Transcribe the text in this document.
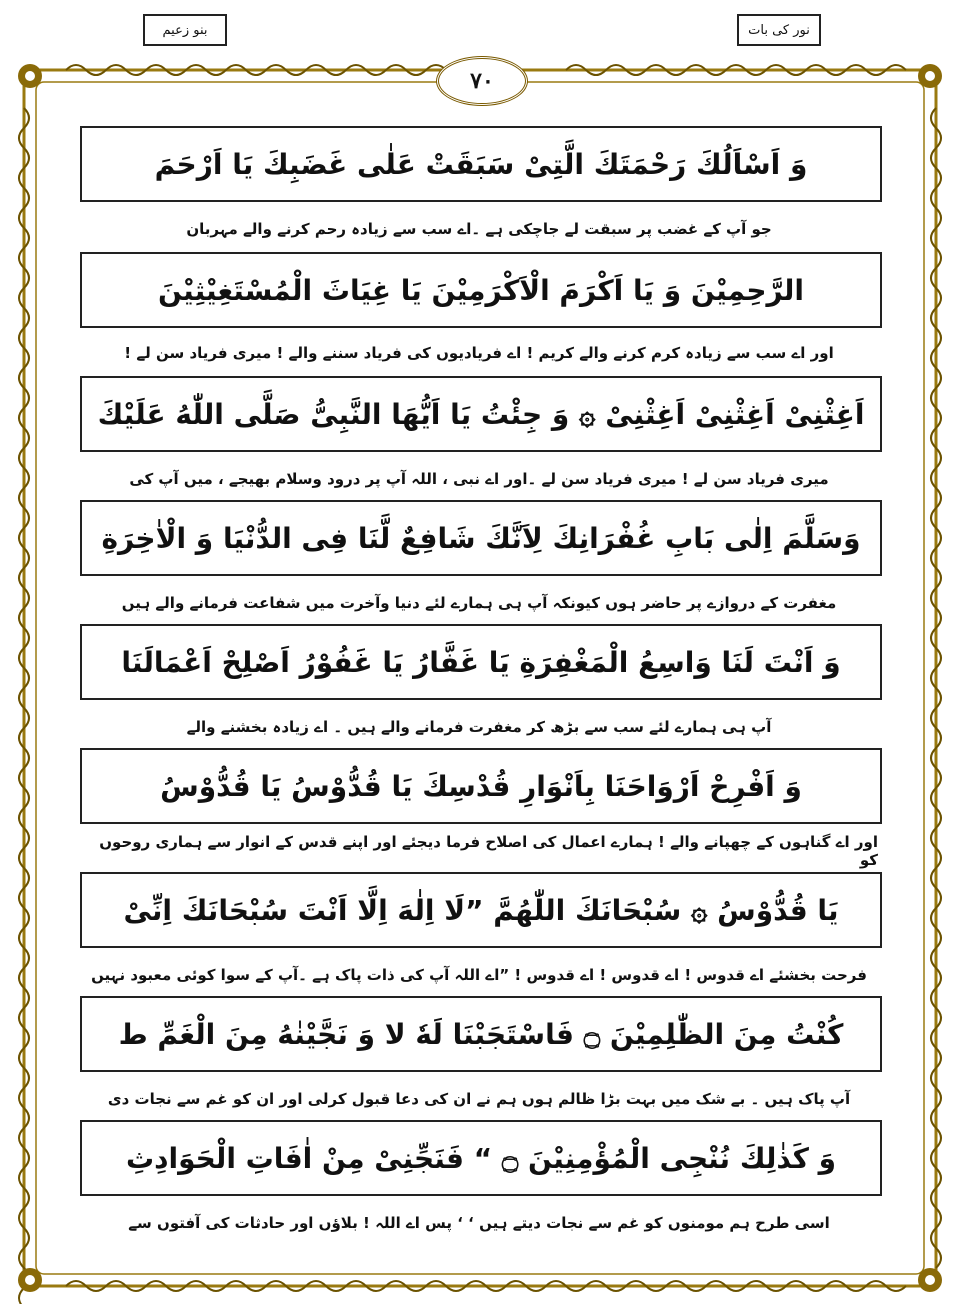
بنو زعیم	نور کی بات
٧٠
وَ اَسْاَلُكَ رَحْمَتَكَ الَّتِیْ سَبَقَتْ عَلٰی غَضَبِكَ یَا اَرْحَمَ
جو آپ کے غضب پر سبقت لے جاچکی ہے ۔اے سب سے زیادہ رحم کرنے والے مہربان
الرَّحِمِیْنَ وَ یَا اَكْرَمَ الْاَكْرَمِیْنَ یَا غِیَاثَ الْمُسْتَغِیْثِیْنَ
اور اے سب سے زیادہ کرم کرنے والے کریم ! اے فریادیوں کی فریاد سننے والے ! میری فریاد سن لے !
اَغِثْنِیْ اَغِثْنِیْ اَغِثْنِیْ ۞ وَ جِئْتُ یَا اَیُّهَا النَّبِیُّ صَلَّی اللّٰهُ عَلَیْكَ
میری فریاد سن لے ! میری فریاد سن لے ۔اور اے نبی ، اللہ آپ پر درود وسلام بھیجے ، میں آپ کی
وَسَلَّمَ اِلٰی بَابِ غُفْرَانِكَ لِاَنَّكَ شَافِعٌ لَّنَا فِی الدُّنْیَا وَ الْاٰخِرَةِ
مغفرت کے دروازے پر حاضر ہوں کیونکہ آپ ہی ہمارے لئے دنیا وآخرت میں شفاعت فرمانے والے ہیں
وَ اَنْتَ لَنَا وَاسِعُ الْمَغْفِرَةِ یَا غَفَّارُ یَا غَفُوْرُ اَصْلِحْ اَعْمَالَنَا
آپ ہی ہمارے لئے سب سے بڑھ کر مغفرت فرمانے والے ہیں ۔ اے زیادہ بخشنے والے
وَ اَفْرِحْ اَرْوَاحَنَا بِاَنْوَارِ قُدْسِكَ یَا قُدُّوْسُ یَا قُدُّوْسُ
اور اے گناہوں کے چھپانے والے ! ہمارے اعمال کی اصلاح فرما دیجئے اور اپنے قدس کے انوار سے ہماری روحوں کو
یَا قُدُّوْسُ ۞ سُبْحَانَكَ اللّٰهُمَّ ”لَا اِلٰهَ اِلَّا اَنْتَ سُبْحَانَكَ اِنِّیْ
فرحت بخشئے اے قدوس ! اے قدوس ! اے قدوس ! ”اے اللہ آپ کی ذات پاک ہے ۔آپ کے سوا کوئی معبود نہیں
كُنْتُ مِنَ الظّٰلِمِیْنَ ۝ فَاسْتَجَبْنَا لَهٗ لا وَ نَجَّیْنٰهُ مِنَ الْغَمِّ ط
آپ پاک ہیں ۔ بے شک میں بہت بڑا ظالم ہوں ہم نے ان کی دعا قبول کرلی اور ان کو غم سے نجات دی
وَ كَذٰلِكَ نُنْجِی الْمُؤْمِنِیْنَ ۝ “ فَنَجِّنِیْ مِنْ اٰفَاتِ الْحَوَادِثِ
اسی طرح ہم مومنوں کو غم سے نجات دیتے ہیں ‘ ‘ پس اے اللہ ! بلاؤں اور حادثات کی آفتوں سے
